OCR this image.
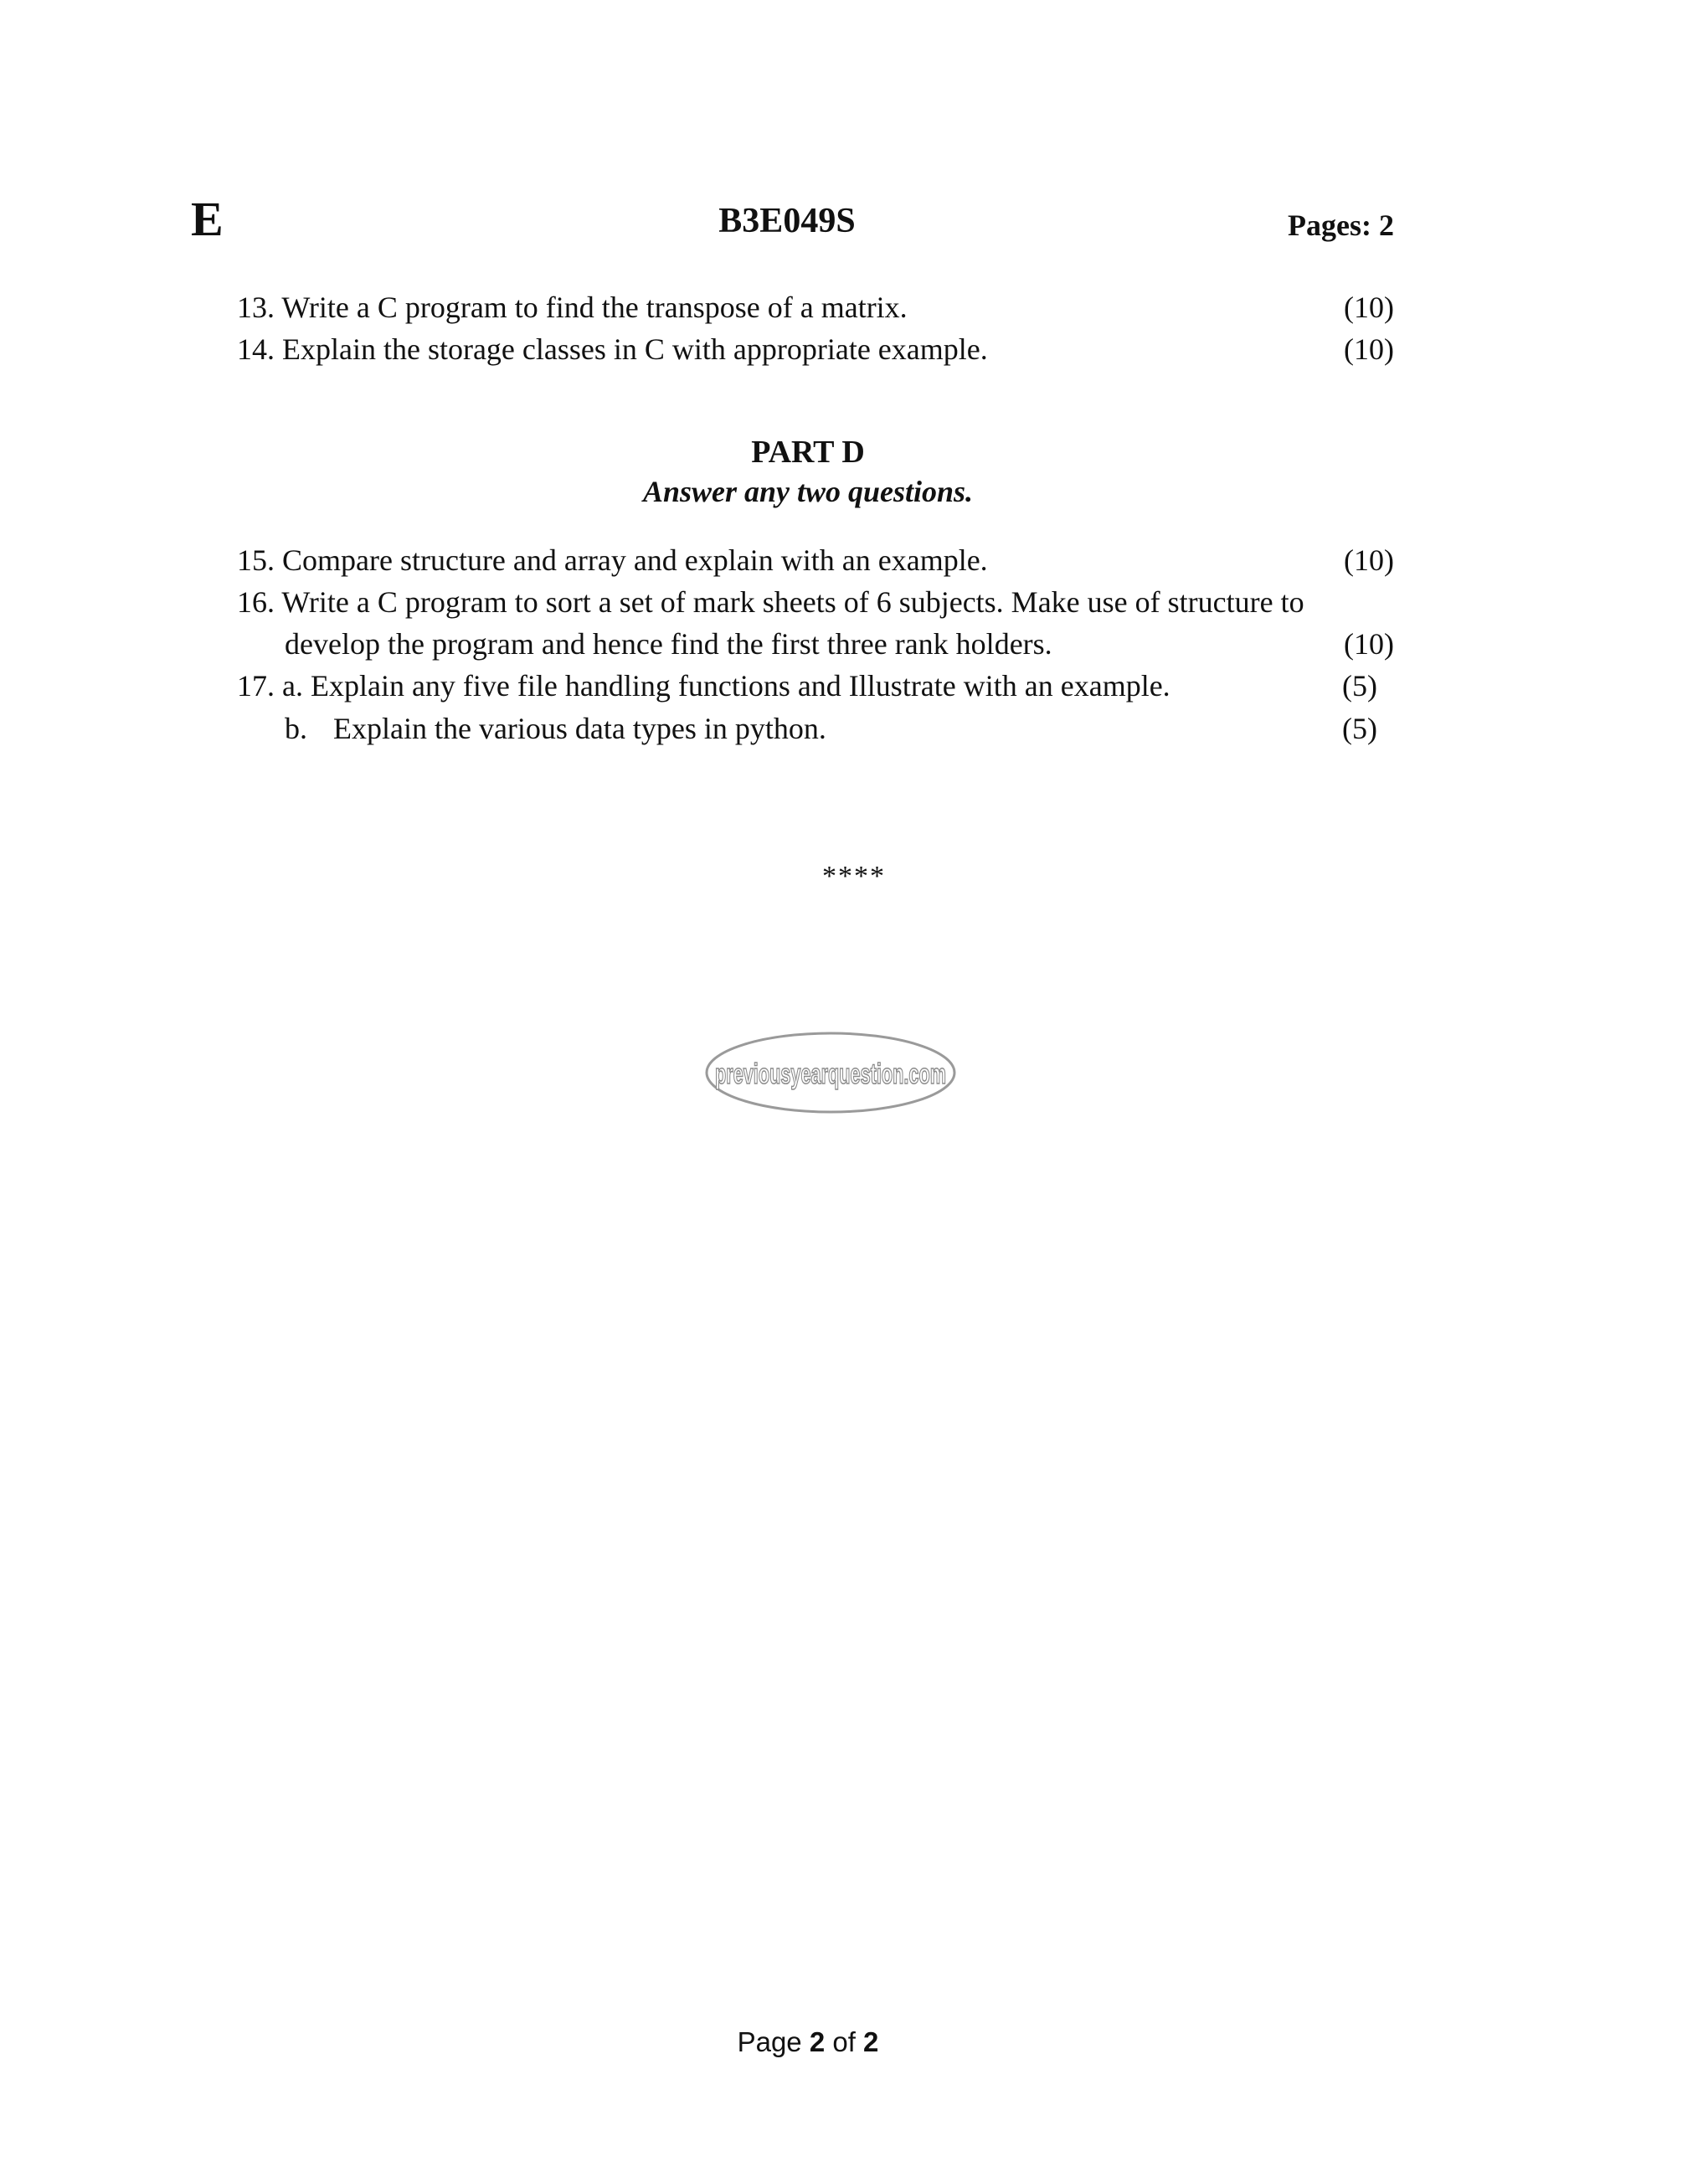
E	B3E049S	Pages: 2
13. Write a C program to find the transpose of a matrix.	(10)
14. Explain the storage classes in C with appropriate example.	(10)
PART D
Answer any two questions.
15. Compare structure and array and explain with an example.	(10)
16. Write a C program to sort a set of mark sheets of 6 subjects. Make use of structure to
develop the program and hence find the first three rank holders.	(10)
17. a. Explain any five file handling functions and Illustrate with an example.	(5)
b. Explain the various data types in python.	(5)
****
previousyearquestion.com
Page 2 of 2
